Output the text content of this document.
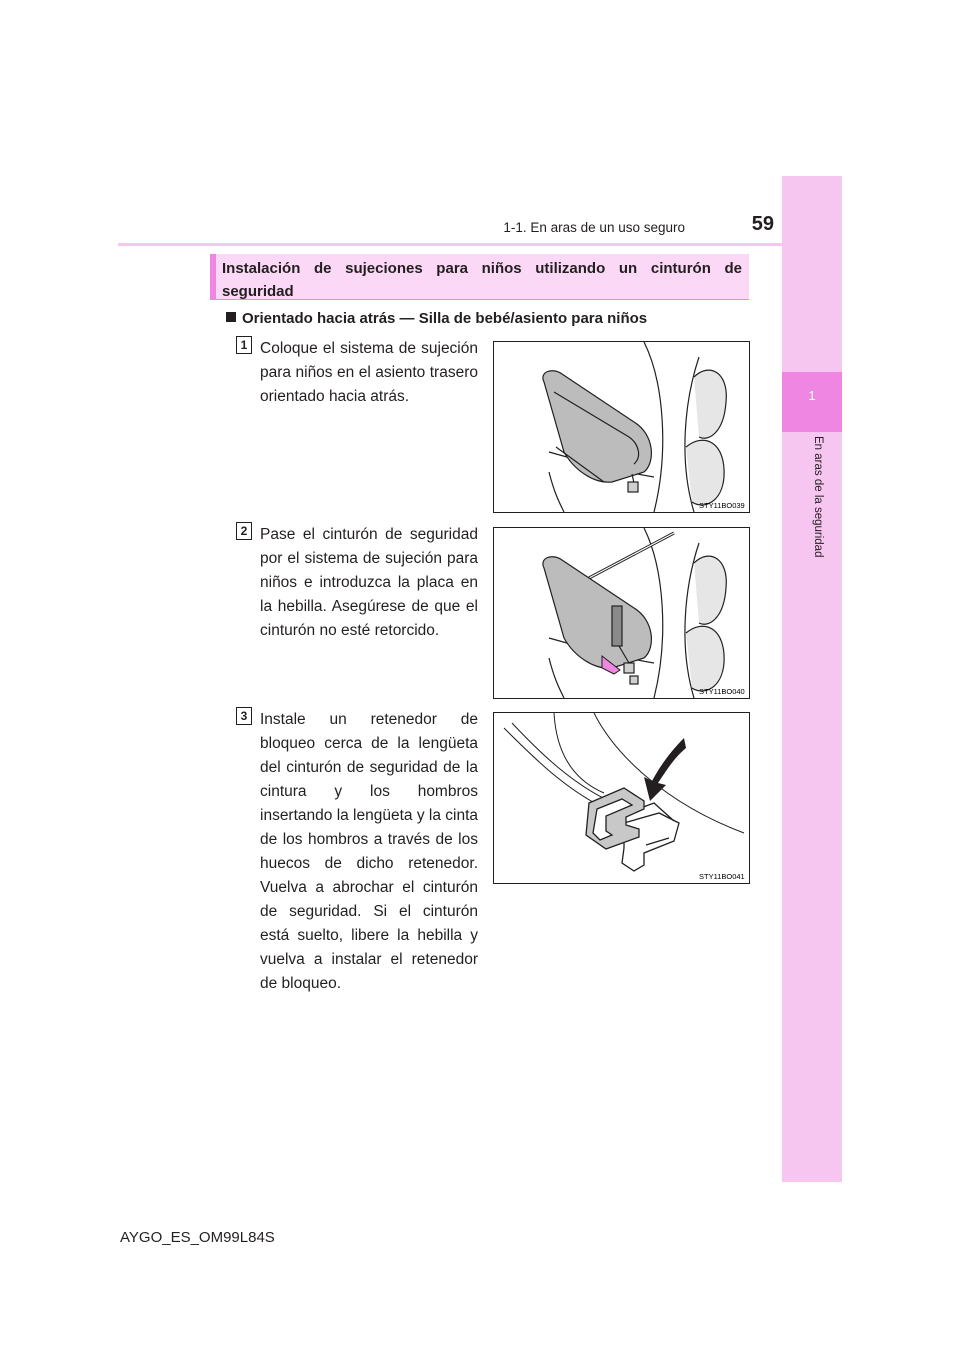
1
En aras de la seguridad
1-1. En aras de un uso seguro	59
Instalación de sujeciones para niños utilizando un cinturón de seguridad
Orientado hacia atrás — Silla de bebé/asiento para niños
1 Coloque el sistema de sujeción para niños en el asiento trasero orientado hacia atrás.
STY11BO039
2 Pase el cinturón de seguridad por el sistema de sujeción para niños e introduzca la placa en la hebilla. Asegúrese de que el cinturón no esté retorcido.
STY11BO040
3 Instale un retenedor de bloqueo cerca de la lengüeta del cinturón de seguridad de la cintura y los hombros insertando la lengüeta y la cinta de los hombros a través de los huecos de dicho retenedor. Vuelva a abrochar el cinturón de seguridad. Si el cinturón está suelto, libere la hebilla y vuelva a instalar el retenedor de bloqueo.
STY11BO041
AYGO_ES_OM99L84S
